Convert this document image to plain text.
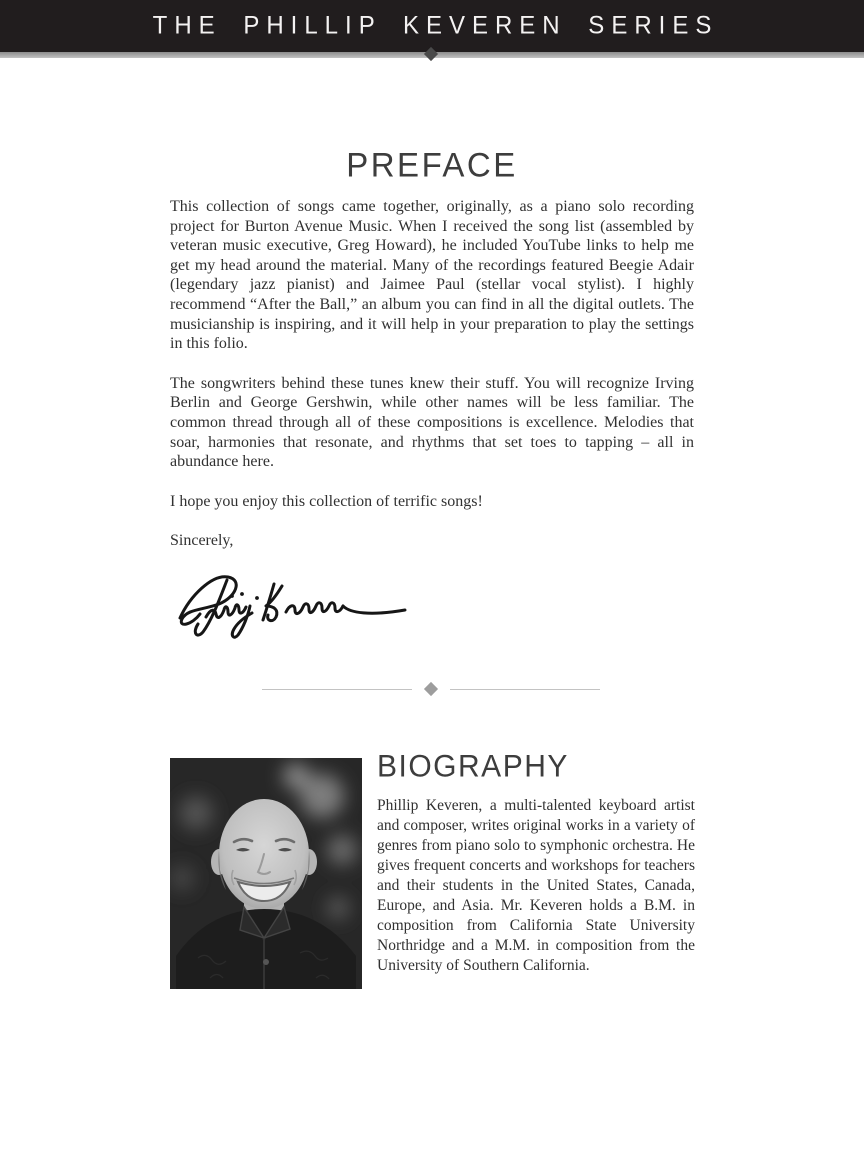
THE PHILLIP KEVEREN SERIES
PREFACE

This collection of songs came together, originally, as a piano solo recording project for Burton Avenue Music. When I received the song list (assembled by veteran music executive, Greg Howard), he included YouTube links to help me get my head around the material. Many of the recordings featured Beegie Adair (legendary jazz pianist) and Jaimee Paul (stellar vocal stylist). I highly recommend “After the Ball,” an album you can find in all the digital outlets. The musicianship is inspiring, and it will help in your preparation to play the settings in this folio.

The songwriters behind these tunes knew their stuff. You will recognize Irving Berlin and George Gershwin, while other names will be less familiar. The common thread through all of these compositions is excellence. Melodies that soar, harmonies that resonate, and rhythms that set toes to tapping – all in abundance here.

I hope you enjoy this collection of terrific songs!

Sincerely,

BIOGRAPHY

Phillip Keveren, a multi-talented keyboard artist and composer, writes original works in a variety of genres from piano solo to symphonic orchestra. He gives frequent concerts and workshops for teachers and their students in the United States, Canada, Europe, and Asia. Mr. Keveren holds a B.M. in composition from California State University Northridge and a M.M. in composition from the University of Southern California.
